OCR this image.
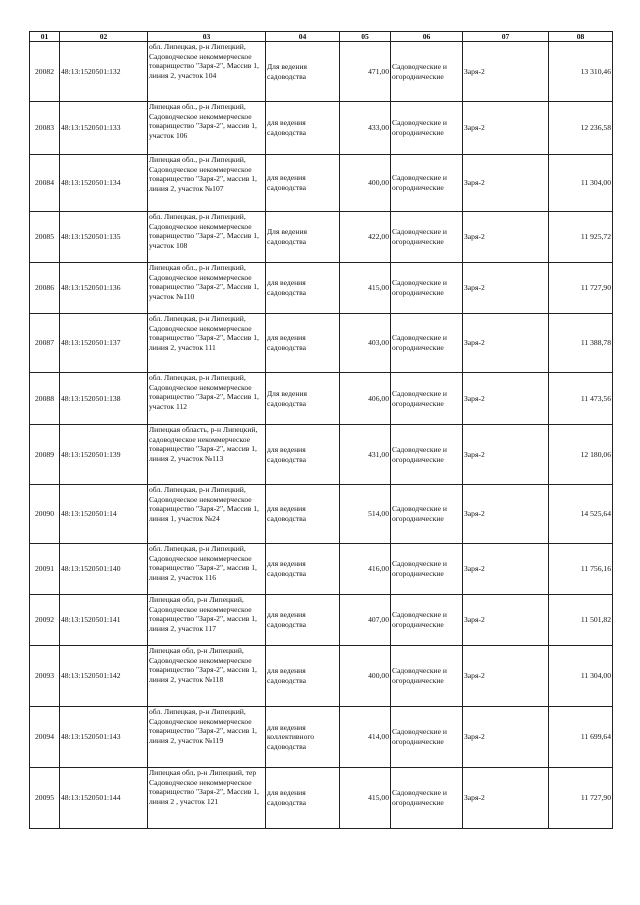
01	02	03	04	05	06	07	08
20082	48:13:1520501:132	обл. Липецкая, р-н Липецкий, Садоводческое некоммерческое товарищество "Заря-2", Массив 1, линия 2, участок 104	Для ведения садоводства	471,00	Садоводческие и огороднические	Заря-2	13 310,46
20083	48:13:1520501:133	Липецкая обл., р-н Липецкий, Садоводческое некоммерческое товарищество "Заря-2", массив 1, участок 106	для ведения садоводства	433,00	Садоводческие и огороднические	Заря-2	12 236,58
20084	48:13:1520501:134	Липецкая обл., р-н Липецкий, Садоводческое некоммерческое товарищество "Заря-2", массив 1, линия 2, участок №107	для ведения садоводства	400,00	Садоводческие и огороднические	Заря-2	11 304,00
20085	48:13:1520501:135	обл. Липецкая, р-н Липецкий, Садоводческое некоммерческое товарищество "Заря-2", Массив 1, участок 108	Для ведения садоводства	422,00	Садоводческие и огороднические	Заря-2	11 925,72
20086	48:13:1520501:136	Липецкая обл., р-н Липецкий, Садоводческое некоммерческое товарищество "Заря-2", Массив 1, участок №110	для ведения садоводства	415,00	Садоводческие и огороднические	Заря-2	11 727,90
20087	48:13:1520501:137	обл. Липецкая, р-н Липецкий, Садоводческое некоммерческое товарищество "Заря-2", Массив 1, линия 2, участок 111	для ведения садоводства	403,00	Садоводческие и огороднические	Заря-2	11 388,78
20088	48:13:1520501:138	обл. Липецкая, р-н Липецкий, Садоводческое некоммерческое товарищество "Заря-2", Массив 1, участок 112	Для ведения садоводства	406,00	Садоводческие и огороднические	Заря-2	11 473,56
20089	48:13:1520501:139	Липецкая область, р-н Липецкий, садоводческое некоммерческое товарищество "Заря-2", массив 1, линия 2, участок №113	для ведения садоводства	431,00	Садоводческие и огороднические	Заря-2	12 180,06
20090	48:13:1520501:14	обл. Липецкая, р-н Липецкий, Садоводческое некоммерческое товарищество "Заря-2", Массив 1, линия 1, участок №24	для ведения садоводства	514,00	Садоводческие и огороднические	Заря-2	14 525,64
20091	48:13:1520501:140	обл. Липецкая, р-н Липецкий, Садоводческое некоммерческое товарищество "Заря-2", массив 1, линия 2, участок 116	для ведения садоводства	416,00	Садоводческие и огороднические	Заря-2	11 756,16
20092	48:13:1520501:141	Липецкая обл, р-н Липецкий, Садоводческое некоммерческое товарищество "Заря-2", массив 1, линия 2, участок 117	для ведения садоводства	407,00	Садоводческие и огороднические	Заря-2	11 501,82
20093	48:13:1520501:142	Липецкая обл, р-н Липецкий, Садоводческое некоммерческое товарищество "Заря-2", массив 1, линия 2, участок №118	для ведения садоводства	400,00	Садоводческие и огороднические	Заря-2	11 304,00
20094	48:13:1520501:143	обл. Липецкая, р-н Липецкий, Садоводческое некоммерческое товарищество "Заря-2", массив 1, линия 2, участок №119	для ведения коллективного садоводства	414,00	Садоводческие и огороднические	Заря-2	11 699,64
20095	48:13:1520501:144	Липецкая обл, р-н Липецкий, тер Садоводческое некоммерческое товарищество "Заря-2", Массив 1, линия 2 , участок 121	для ведения садоводства	415,00	Садоводческие и огороднические	Заря-2	11 727,90
